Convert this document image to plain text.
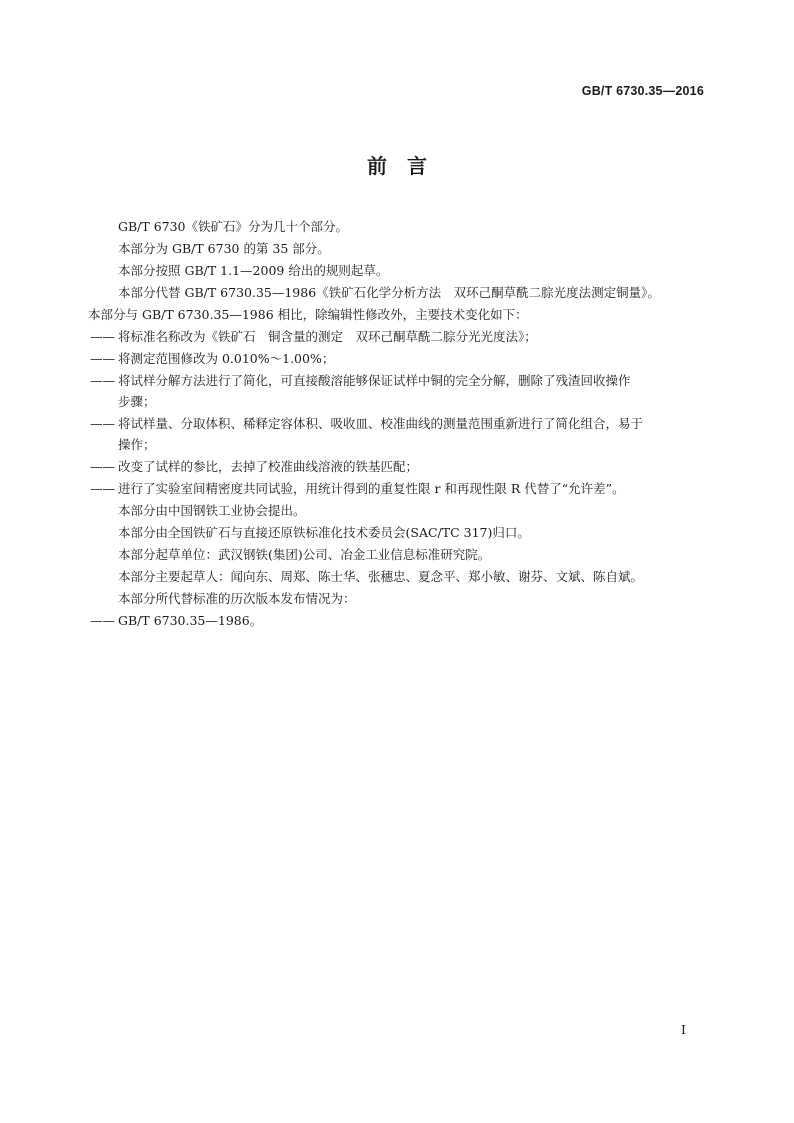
GB/T 6730.35—2016
前　言

GB/T 6730《铁矿石》分为几十个部分。

本部分为 GB/T 6730 的第 35 部分。

本部分按照 GB/T 1.1—2009 给出的规则起草。

本部分代替 GB/T 6730.35—1986《铁矿石化学分析方法　双环己酮草酰二腙光度法测定铜量》。

本部分与 GB/T 6730.35—1986 相比，除编辑性修改外，主要技术变化如下：

—— 将标准名称改为《铁矿石　铜含量的测定　双环己酮草酰二腙分光光度法》；
—— 将测定范围修改为 0.010%～1.00%；
—— 将试样分解方法进行了简化，可直接酸溶能够保证试样中铜的完全分解，删除了残渣回收操作
步骤；
—— 将试样量、分取体积、稀释定容体积、吸收皿、校准曲线的测量范围重新进行了简化组合，易于
操作；
—— 改变了试样的参比，去掉了校准曲线溶液的铁基匹配；
—— 进行了实验室间精密度共同试验，用统计得到的重复性限 r 和再现性限 R 代替了“允许差”。

本部分由中国钢铁工业协会提出。

本部分由全国铁矿石与直接还原铁标准化技术委员会(SAC/TC 317)归口。

本部分起草单位：武汉钢铁(集团)公司、冶金工业信息标准研究院。

本部分主要起草人：闻向东、周郑、陈士华、张穗忠、夏念平、郑小敏、谢芬、文斌、陈自斌。

本部分所代替标准的历次版本发布情况为：

—— GB/T 6730.35—1986。
I
